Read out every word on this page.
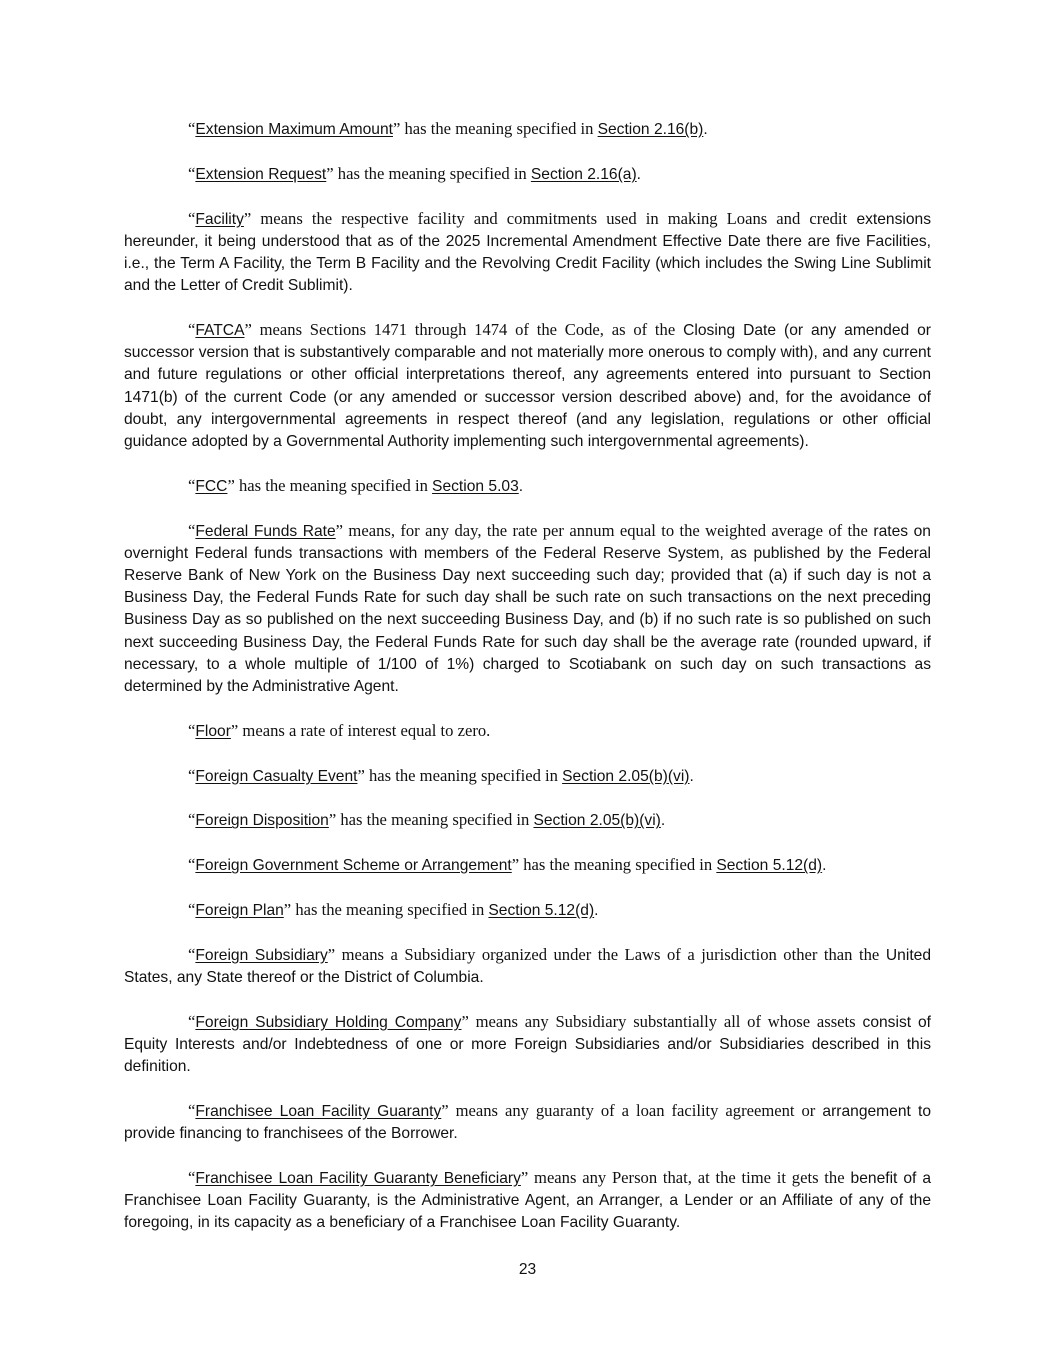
“Extension Maximum Amount” has the meaning specified in Section 2.16(b).

“Extension Request” has the meaning specified in Section 2.16(a).

“Facility” means the respective facility and commitments used in making Loans and credit extensions hereunder, it being understood that as of the 2025 Incremental Amendment Effective Date there are five Facilities, i.e., the Term A Facility, the Term B Facility and the Revolving Credit Facility (which includes the Swing Line Sublimit and the Letter of Credit Sublimit).

“FATCA” means Sections 1471 through 1474 of the Code, as of the Closing Date (or any amended or successor version that is substantively comparable and not materially more onerous to comply with), and any current and future regulations or other official interpretations thereof, any agreements entered into pursuant to Section 1471(b) of the current Code (or any amended or successor version described above) and, for the avoidance of doubt, any intergovernmental agreements in respect thereof (and any legislation, regulations or other official guidance adopted by a Governmental Authority implementing such intergovernmental agreements).

“FCC” has the meaning specified in Section 5.03.

“Federal Funds Rate” means, for any day, the rate per annum equal to the weighted average of the rates on overnight Federal funds transactions with members of the Federal Reserve System, as published by the Federal Reserve Bank of New York on the Business Day next succeeding such day; provided that (a) if such day is not a Business Day, the Federal Funds Rate for such day shall be such rate on such transactions on the next preceding Business Day as so published on the next succeeding Business Day, and (b) if no such rate is so published on such next succeeding Business Day, the Federal Funds Rate for such day shall be the average rate (rounded upward, if necessary, to a whole multiple of 1/100 of 1%) charged to Scotiabank on such day on such transactions as determined by the Administrative Agent.

“Floor” means a rate of interest equal to zero.

“Foreign Casualty Event” has the meaning specified in Section 2.05(b)(vi).

“Foreign Disposition” has the meaning specified in Section 2.05(b)(vi).

“Foreign Government Scheme or Arrangement” has the meaning specified in Section 5.12(d).

“Foreign Plan” has the meaning specified in Section 5.12(d).

“Foreign Subsidiary” means a Subsidiary organized under the Laws of a jurisdiction other than the United States, any State thereof or the District of Columbia.

“Foreign Subsidiary Holding Company” means any Subsidiary substantially all of whose assets consist of Equity Interests and/or Indebtedness of one or more Foreign Subsidiaries and/or Subsidiaries described in this definition.

“Franchisee Loan Facility Guaranty” means any guaranty of a loan facility agreement or arrangement to provide financing to franchisees of the Borrower.

“Franchisee Loan Facility Guaranty Beneficiary” means any Person that, at the time it gets the benefit of a Franchisee Loan Facility Guaranty, is the Administrative Agent, an Arranger, a Lender or an Affiliate of any of the foregoing, in its capacity as a beneficiary of a Franchisee Loan Facility Guaranty.

23
